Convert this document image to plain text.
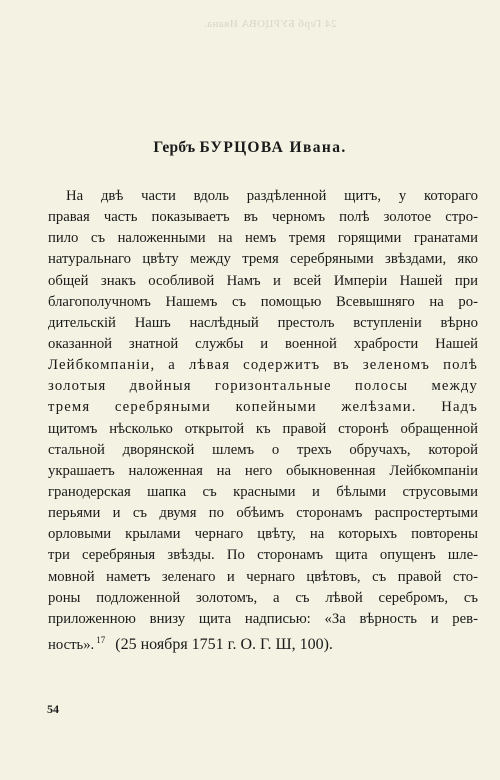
24 Герб БУРЦОВА Ивана.
Гербъ БУРЦОВА Ивана.
На двѣ части вдоль раздѣленной щитъ, у котораго
правая часть показываетъ въ черномъ полѣ золотое стро-
пило съ наложенными на немъ тремя горящими гранатами
натуральнаго цвѣту между тремя серебряными звѣздами, яко
общей знакъ особливой Намъ и всей Имперіи Нашей при
благополучномъ Нашемъ съ помощью Всевышняго на ро-
дительскій Нашъ наслѣдный престолъ вступленіи вѣрно
оказанной знатной службы и военной храбрости Нашей
Лейбкомпаніи, а лѣвая содержитъ въ зеленомъ полѣ
золотыя двойныя горизонтальные полосы между
тремя серебряными копейными желѣзами. Надъ
щитомъ нѣсколько открытой къ правой сторонѣ обращенной
стальной дворянской шлемъ о трехъ обручахъ, которой
украшаетъ наложенная на него обыкновенная Лейбкомпаніи
гранодерская шапка съ красными и бѣлыми струсовыми
перьями и съ двумя по обѣимъ сторонамъ распростертыми
орловыми крылами чернаго цвѣту, на которыхъ повторены
три серебряныя звѣзды. По сторонамъ щита опущенъ шле-
мовной наметъ зеленаго и чернаго цвѣтовъ, съ правой сто-
роны подложенной золотомъ, а съ лѣвой серебромъ, съ
приложенною внизу щита надписью: «За вѣрность и рев-
ность». $^{17}$ (25 ноября 1751 г. О. Г. Ш, 100).
54
